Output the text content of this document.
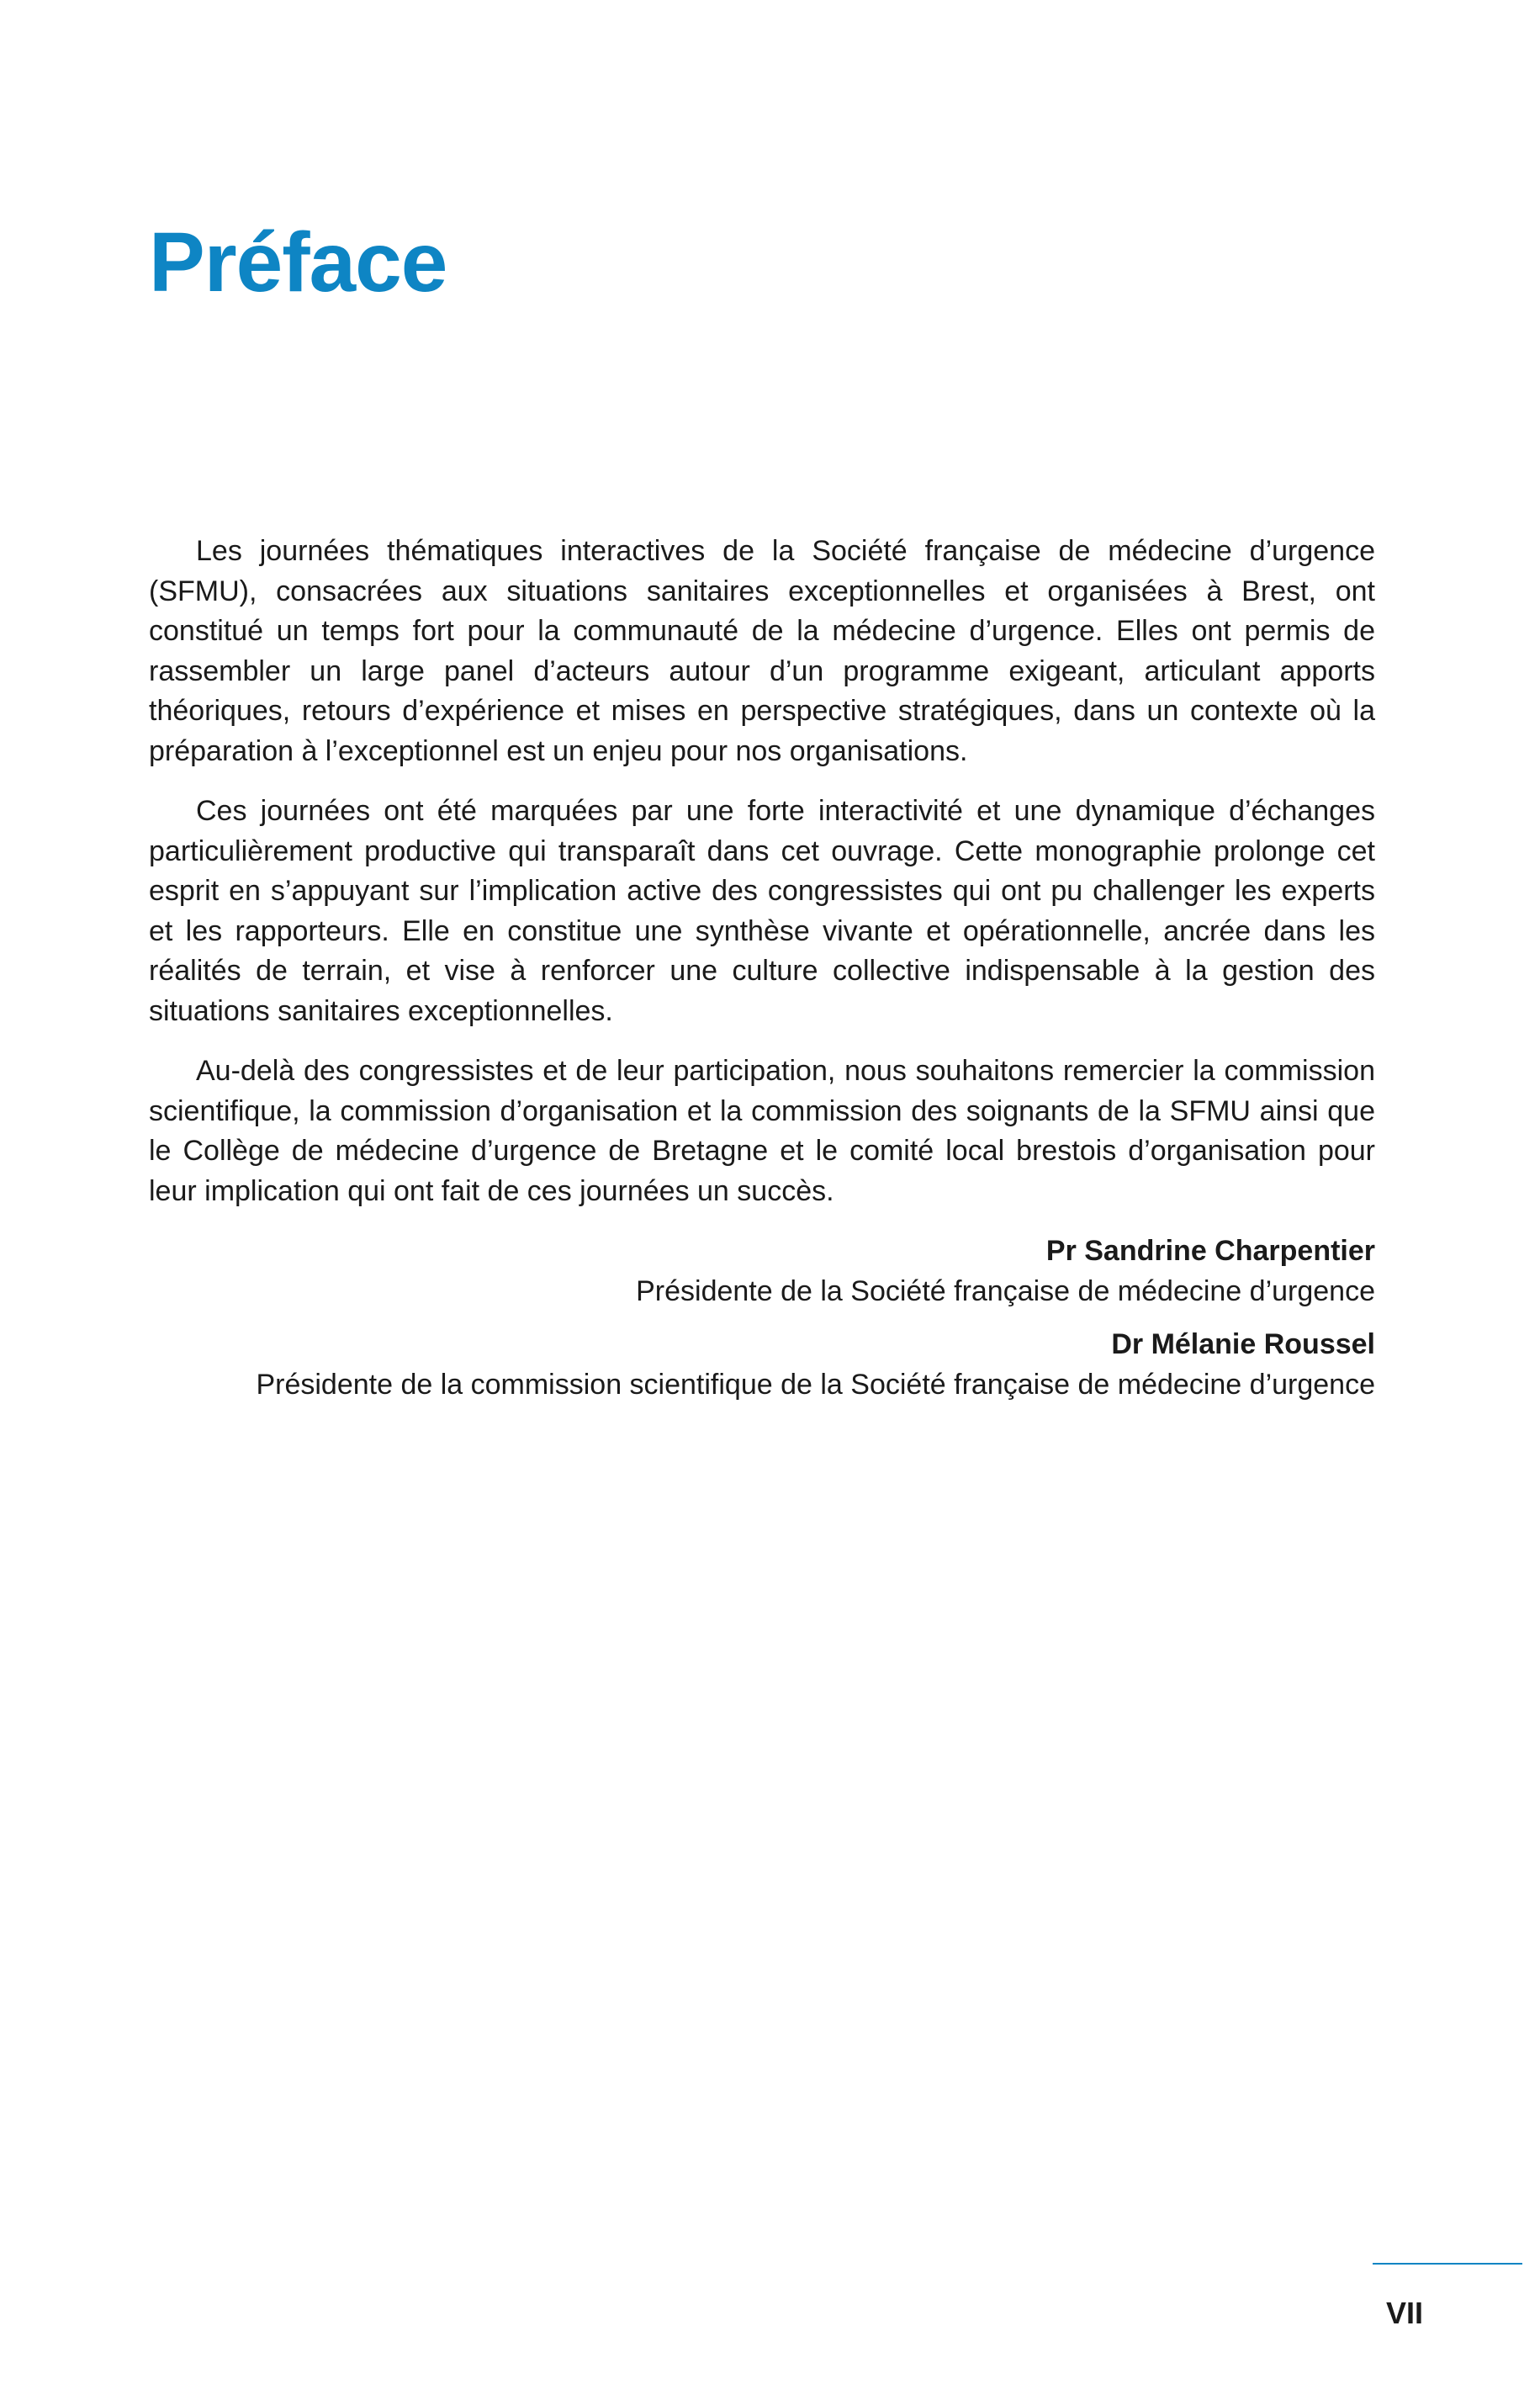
Préface

Les journées thématiques interactives de la Société française de médecine d’urgence (SFMU), consacrées aux situations sanitaires exceptionnelles et organisées à Brest, ont constitué un temps fort pour la communauté de la médecine d’urgence. Elles ont permis de rassembler un large panel d’acteurs autour d’un programme exigeant, articulant apports théoriques, retours d’expérience et mises en perspective stratégiques, dans un contexte où la préparation à l’exceptionnel est un enjeu pour nos organisations.

Ces journées ont été marquées par une forte interactivité et une dynamique d’échanges particulièrement productive qui transparaît dans cet ouvrage. Cette monographie prolonge cet esprit en s’appuyant sur l’implication active des congressistes qui ont pu challenger les experts et les rapporteurs. Elle en constitue une synthèse vivante et opérationnelle, ancrée dans les réalités de terrain, et vise à renforcer une culture collective indispensable à la gestion des situations sanitaires exceptionnelles.

Au-delà des congressistes et de leur participation, nous souhaitons remercier la commission scientifique, la commission d’organisation et la commission des soignants de la SFMU ainsi que le Collège de médecine d’urgence de Bretagne et le comité local brestois d’organisation pour leur implication qui ont fait de ces journées un succès.

Pr Sandrine Charpentier

Présidente de la Société française de médecine d’urgence

Dr Mélanie Roussel

Présidente de la commission scientifique de la Société française de médecine d’urgence

VII
